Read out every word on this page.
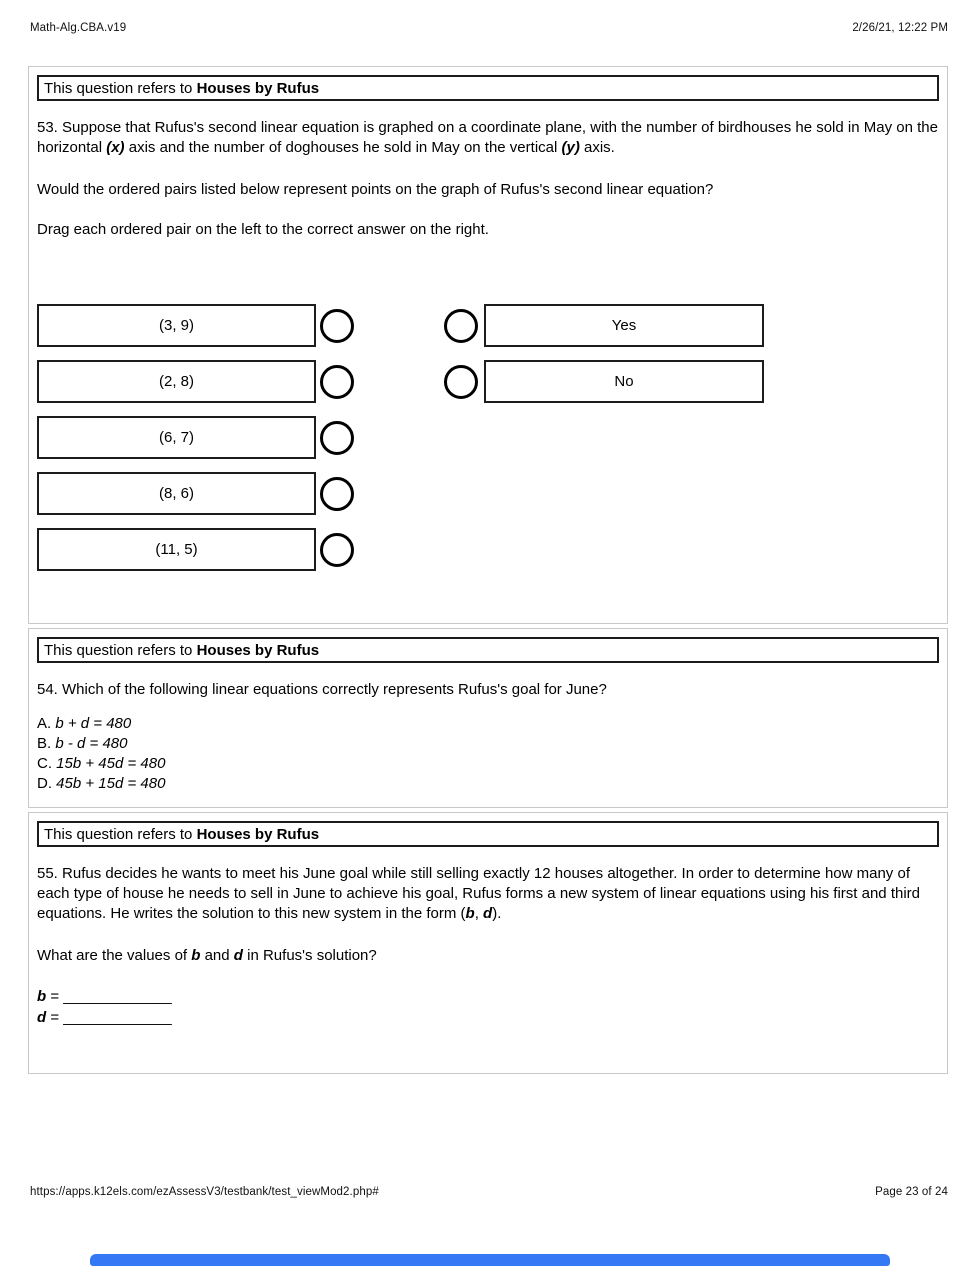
Math-Alg.CBA.v19	2/26/21, 12:22 PM
This question refers to Houses by Rufus

53. Suppose that Rufus's second linear equation is graphed on a coordinate plane, with the number of birdhouses he sold in May on the horizontal (x) axis and the number of doghouses he sold in May on the vertical (y) axis.

Would the ordered pairs listed below represent points on the graph of Rufus's second linear equation?

Drag each ordered pair on the left to the correct answer on the right.

(3, 9)
(2, 8)
(6, 7)
(8, 6)
(11, 5)
Yes
No
This question refers to Houses by Rufus

54. Which of the following linear equations correctly represents Rufus's goal for June?

A. b + d = 480
B. b - d = 480
C. 15b + 45d = 480
D. 45b + 15d = 480
This question refers to Houses by Rufus

55. Rufus decides he wants to meet his June goal while still selling exactly 12 houses altogether. In order to determine how many of each type of house he needs to sell in June to achieve his goal, Rufus forms a new system of linear equations using his first and third equations. He writes the solution to this new system in the form (b, d).

What are the values of b and d in Rufus's solution?

b = _____________
d = _____________
https://apps.k12els.com/ezAssessV3/testbank/test_viewMod2.php#	Page 23 of 24
